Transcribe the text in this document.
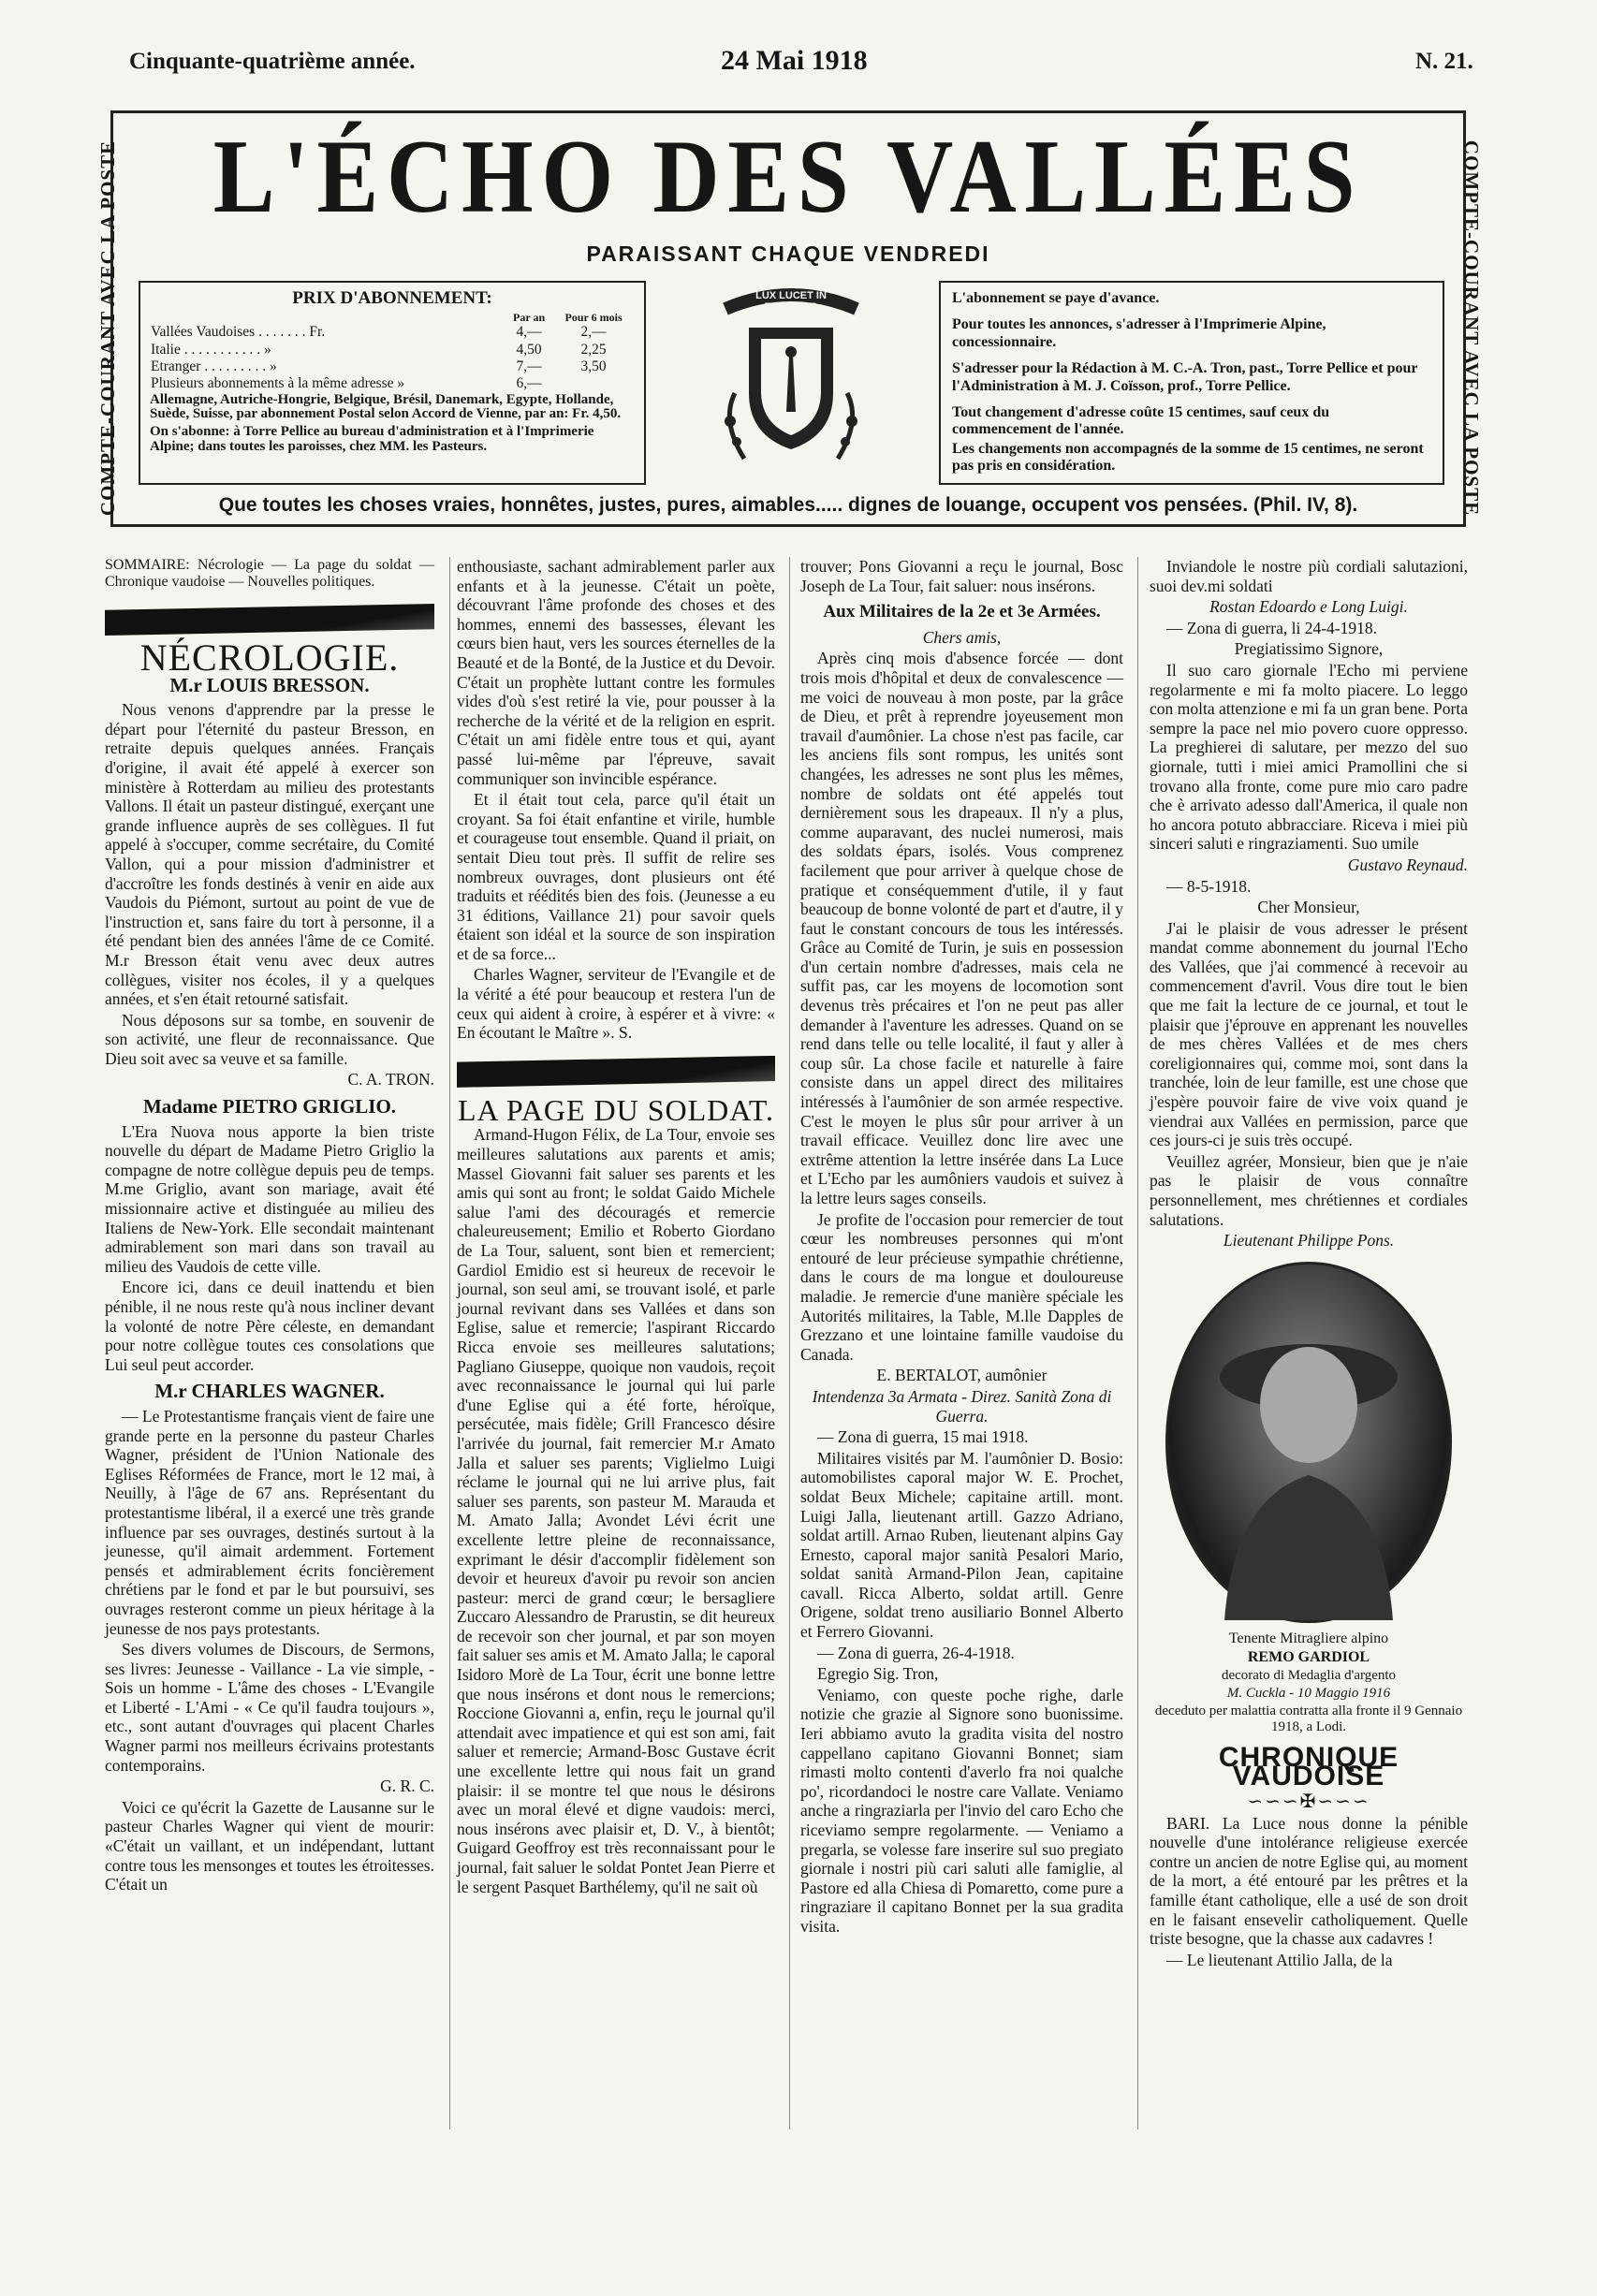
Cinquante-quatrième année.	24 Mai 1918	N. 21.
COMPTE-COURANT AVEC LA POSTE	COMPTE-COURANT AVEC LA POSTE
L'ÉCHO DES VALLÉES
PARAISSANT CHAQUE VENDREDI
PRIX D'ABONNEMENT:
	Par an	Pour 6 mois
Vallées Vaudoises . . . . . . . Fr.	4,—	2,—
Italie . . . . . . . . . . . »	4,50	2,25
Etranger . . . . . . . . . »	7,—	3,50
Plusieurs abonnements à la même adresse »	6,—	
Allemagne, Autriche-Hongrie, Belgique, Brésil, Danemark, Egypte, Hollande, Suède, Suisse, par abonnement Postal selon Accord de Vienne, par an: Fr. 4,50.
On s'abonne: à Torre Pellice au bureau d'administration et à l'Imprimerie Alpine; dans toutes les paroisses, chez MM. les Pasteurs.
LUX LUCET IN TENEBRIS
L'abonnement se paye d'avance.
Pour toutes les annonces, s'adresser à l'Imprimerie Alpine, concessionnaire.
S'adresser pour la Rédaction à M. C.-A. Tron, past., Torre Pellice et pour l'Administration à M. J. Coïsson, prof., Torre Pellice.
Tout changement d'adresse coûte 15 centimes, sauf ceux du commencement de l'année.
Les changements non accompagnés de la somme de 15 centimes, ne seront pas pris en considération.
Que toutes les choses vraies, honnêtes, justes, pures, aimables..... dignes de louange, occupent vos pensées. (Phil. IV, 8).

SOMMAIRE: Nécrologie — La page du soldat — Chronique vaudoise — Nouvelles politiques.

NÉCROLOGIE.

M.r LOUIS BRESSON.

Nous venons d'apprendre par la presse le départ pour l'éternité du pasteur Bresson, en retraite depuis quelques années. Français d'origine, il avait été appelé à exercer son ministère à Rotterdam au milieu des protestants Vallons. Il était un pasteur distingué, exerçant une grande influence auprès de ses collègues. Il fut appelé à s'occuper, comme secrétaire, du Comité Vallon, qui a pour mission d'administrer et d'accroître les fonds destinés à venir en aide aux Vaudois du Piémont, surtout au point de vue de l'instruction et, sans faire du tort à personne, il a été pendant bien des années l'âme de ce Comité. M.r Bresson était venu avec deux autres collègues, visiter nos écoles, il y a quelques années, et s'en était retourné satisfait.

Nous déposons sur sa tombe, en souvenir de son activité, une fleur de reconnaissance. Que Dieu soit avec sa veuve et sa famille.

C. A. TRON.

Madame PIETRO GRIGLIO.

L'Era Nuova nous apporte la bien triste nouvelle du départ de Madame Pietro Griglio la compagne de notre collègue depuis peu de temps. M.me Griglio, avant son mariage, avait été missionnaire active et distinguée au milieu des Italiens de New-York. Elle secondait maintenant admirablement son mari dans son travail au milieu des Vaudois de cette ville.

Encore ici, dans ce deuil inattendu et bien pénible, il ne nous reste qu'à nous incliner devant la volonté de notre Père céleste, en demandant pour notre collègue toutes ces consolations que Lui seul peut accorder.

M.r CHARLES WAGNER.

— Le Protestantisme français vient de faire une grande perte en la personne du pasteur Charles Wagner, président de l'Union Nationale des Eglises Réformées de France, mort le 12 mai, à Neuilly, à l'âge de 67 ans. Représentant du protestantisme libéral, il a exercé une très grande influence par ses ouvrages, destinés surtout à la jeunesse, qu'il aimait ardemment. Fortement pensés et admirablement écrits foncièrement chrétiens par le fond et par le but poursuivi, ses ouvrages resteront comme un pieux héritage à la jeunesse de nos pays protestants.

Ses divers volumes de Discours, de Sermons, ses livres: Jeunesse - Vaillance - La vie simple, - Sois un homme - L'âme des choses - L'Evangile et Liberté - L'Ami - « Ce qu'il faudra toujours », etc., sont autant d'ouvrages qui placent Charles Wagner parmi nos meilleurs écrivains protestants contemporains.

G. R. C.

Voici ce qu'écrit la Gazette de Lausanne sur le pasteur Charles Wagner qui vient de mourir: «C'était un vaillant, et un indépendant, luttant contre tous les mensonges et toutes les étroitesses. C'était un

enthousiaste, sachant admirablement parler aux enfants et à la jeunesse. C'était un poète, découvrant l'âme profonde des choses et des hommes, ennemi des bassesses, élevant les cœurs bien haut, vers les sources éternelles de la Beauté et de la Bonté, de la Justice et du Devoir. C'était un prophète luttant contre les formules vides d'où s'est retiré la vie, pour pousser à la recherche de la vérité et de la religion en esprit. C'était un ami fidèle entre tous et qui, ayant passé lui-même par l'épreuve, savait communiquer son invincible espérance.

Et il était tout cela, parce qu'il était un croyant. Sa foi était enfantine et virile, humble et courageuse tout ensemble. Quand il priait, on sentait Dieu tout près. Il suffit de relire ses nombreux ouvrages, dont plusieurs ont été traduits et réédités bien des fois. (Jeunesse a eu 31 éditions, Vaillance 21) pour savoir quels étaient son idéal et la source de son inspiration et de sa force...

Charles Wagner, serviteur de l'Evangile et de la vérité a été pour beaucoup et restera l'un de ceux qui aident à croire, à espérer et à vivre: « En écoutant le Maître ». S.

LA PAGE DU SOLDAT.

Armand-Hugon Félix, de La Tour, envoie ses meilleures salutations aux parents et amis; Massel Giovanni fait saluer ses parents et les amis qui sont au front; le soldat Gaido Michele salue l'ami des découragés et remercie chaleureusement; Emilio et Roberto Giordano de La Tour, saluent, sont bien et remercient; Gardiol Emidio est si heureux de recevoir le journal, son seul ami, se trouvant isolé, et parle journal revivant dans ses Vallées et dans son Eglise, salue et remercie; l'aspirant Riccardo Ricca envoie ses meilleures salutations; Pagliano Giuseppe, quoique non vaudois, reçoit avec reconnaissance le journal qui lui parle d'une Eglise qui a été forte, héroïque, persécutée, mais fidèle; Grill Francesco désire l'arrivée du journal, fait remercier M.r Amato Jalla et saluer ses parents; Viglielmo Luigi réclame le journal qui ne lui arrive plus, fait saluer ses parents, son pasteur M. Marauda et M. Amato Jalla; Avondet Lévi écrit une excellente lettre pleine de reconnaissance, exprimant le désir d'accomplir fidèlement son devoir et heureux d'avoir pu revoir son ancien pasteur: merci de grand cœur; le bersagliere Zuccaro Alessandro de Prarustin, se dit heureux de recevoir son cher journal, et par son moyen fait saluer ses amis et M. Amato Jalla; le caporal Isidoro Morè de La Tour, écrit une bonne lettre que nous insérons et dont nous le remercions; Roccione Giovanni a, enfin, reçu le journal qu'il attendait avec impatience et qui est son ami, fait saluer et remercie; Armand-Bosc Gustave écrit une excellente lettre qui nous fait un grand plaisir: il se montre tel que nous le désirons avec un moral élevé et digne vaudois: merci, nous insérons avec plaisir et, D. V., à bientôt; Guigard Geoffroy est très reconnaissant pour le journal, fait saluer le soldat Pontet Jean Pierre et le sergent Pasquet Barthélemy, qu'il ne sait où

trouver; Pons Giovanni a reçu le journal, Bosc Joseph de La Tour, fait saluer: nous insérons.

Aux Militaires de la 2e et 3e Armées.

Chers amis,

Après cinq mois d'absence forcée — dont trois mois d'hôpital et deux de convalescence — me voici de nouveau à mon poste, par la grâce de Dieu, et prêt à reprendre joyeusement mon travail d'aumônier. La chose n'est pas facile, car les anciens fils sont rompus, les unités sont changées, les adresses ne sont plus les mêmes, nombre de soldats ont été appelés tout dernièrement sous les drapeaux. Il n'y a plus, comme auparavant, des nuclei numerosi, mais des soldats épars, isolés. Vous comprenez facilement que pour arriver à quelque chose de pratique et conséquemment d'utile, il y faut beaucoup de bonne volonté de part et d'autre, il y faut le constant concours de tous les intéressés. Grâce au Comité de Turin, je suis en possession d'un certain nombre d'adresses, mais cela ne suffit pas, car les moyens de locomotion sont devenus très précaires et l'on ne peut pas aller demander à l'aventure les adresses. Quand on se rend dans telle ou telle localité, il faut y aller à coup sûr. La chose facile et naturelle à faire consiste dans un appel direct des militaires intéressés à l'aumônier de son armée respective. C'est le moyen le plus sûr pour arriver à un travail efficace. Veuillez donc lire avec une extrême attention la lettre insérée dans La Luce et L'Echo par les aumôniers vaudois et suivez à la lettre leurs sages conseils.

Je profite de l'occasion pour remercier de tout cœur les nombreuses personnes qui m'ont entouré de leur précieuse sympathie chrétienne, dans le cours de ma longue et douloureuse maladie. Je remercie d'une manière spéciale les Autorités militaires, la Table, M.lle Dapples de Grezzano et une lointaine famille vaudoise du Canada.

E. BERTALOT, aumônier

Intendenza 3a Armata - Direz. Sanità Zona di Guerra.

— Zona di guerra, 15 mai 1918.

Militaires visités par M. l'aumônier D. Bosio: automobilistes caporal major W. E. Prochet, soldat Beux Michele; capitaine artill. mont. Luigi Jalla, lieutenant artill. Gazzo Adriano, soldat artill. Arnao Ruben, lieutenant alpins Gay Ernesto, caporal major sanità Pesalori Mario, soldat sanità Armand-Pilon Jean, capitaine cavall. Ricca Alberto, soldat artill. Genre Origene, soldat treno ausiliario Bonnel Alberto et Ferrero Giovanni.

— Zona di guerra, 26-4-1918.

Egregio Sig. Tron,

Veniamo, con queste poche righe, darle notizie che grazie al Signore sono buonissime. Ieri abbiamo avuto la gradita visita del nostro cappellano capitano Giovanni Bonnet; siam rimasti molto contenti d'averlo fra noi qualche po', ricordandoci le nostre care Vallate. Veniamo anche a ringraziarla per l'invio del caro Echo che riceviamo sempre regolarmente. — Veniamo a pregarla, se volesse fare inserire sul suo pregiato giornale i nostri più cari saluti alle famiglie, al Pastore ed alla Chiesa di Pomaretto, come pure a ringraziare il capitano Bonnet per la sua gradita visita.

Inviandole le nostre più cordiali salutazioni, suoi dev.mi soldati

Rostan Edoardo e Long Luigi.

— Zona di guerra, li 24-4-1918.

Pregiatissimo Signore,

Il suo caro giornale l'Echo mi perviene regolarmente e mi fa molto piacere. Lo leggo con molta attenzione e mi fa un gran bene. Porta sempre la pace nel mio povero cuore oppresso. La preghierei di salutare, per mezzo del suo giornale, tutti i miei amici Pramollini che si trovano alla fronte, come pure mio caro padre che è arrivato adesso dall'America, il quale non ho ancora potuto abbracciare. Riceva i miei più sinceri saluti e ringraziamenti. Suo umile

Gustavo Reynaud.

— 8-5-1918.

Cher Monsieur,

J'ai le plaisir de vous adresser le présent mandat comme abonnement du journal l'Echo des Vallées, que j'ai commencé à recevoir au commencement d'avril. Vous dire tout le bien que me fait la lecture de ce journal, et tout le plaisir que j'éprouve en apprenant les nouvelles de mes chères Vallées et de mes chers coreligionnaires qui, comme moi, sont dans la tranchée, loin de leur famille, est une chose que j'espère pouvoir faire de vive voix quand je viendrai aux Vallées en permission, parce que ces jours-ci je suis très occupé.

Veuillez agréer, Monsieur, bien que je n'aie pas le plaisir de vous connaître personnellement, mes chrétiennes et cordiales salutations.

Lieutenant Philippe Pons.

Tenente Mitragliere alpino

REMO GARDIOL

decorato di Medaglia d'argento

M. Cuckla - 10 Maggio 1916

deceduto per malattia contratta alla fronte il 9 Gennaio 1918, a Lodi.

CHRONIQUE VAUDOISE

∽∽∽✠∽∽∽

BARI. La Luce nous donne la pénible nouvelle d'une intolérance religieuse exercée contre un ancien de notre Eglise qui, au moment de la mort, a été entouré par les prêtres et la famille étant catholique, elle a usé de son droit en le faisant ensevelir catholiquement. Quelle triste besogne, que la chasse aux cadavres !

— Le lieutenant Attilio Jalla, de la
